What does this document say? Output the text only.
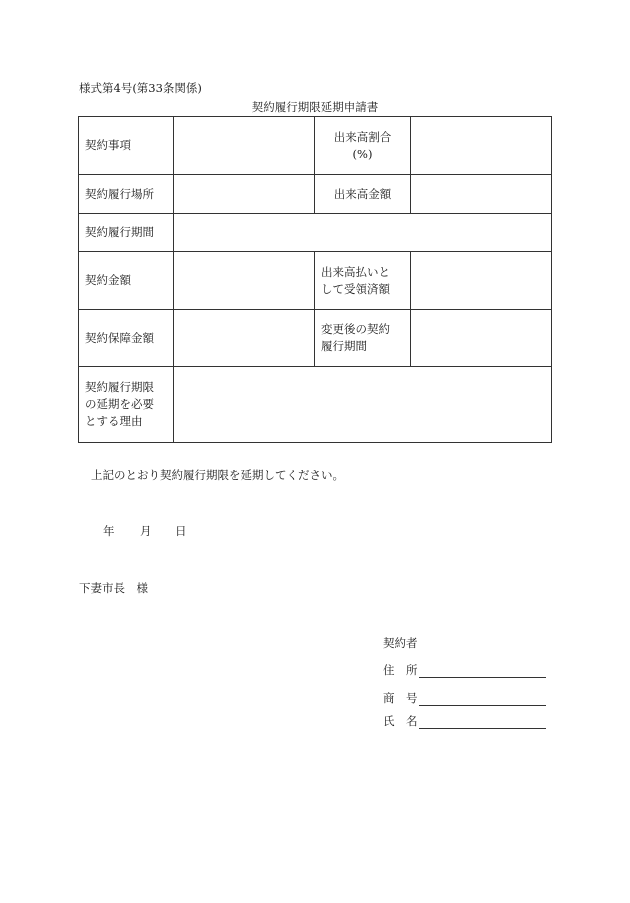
様式第4号(第33条関係)
契約履行期限延期申請書
契約事項		出来高割合
(%)	

契約履行場所		出来高金額	

契約履行期間			
契約金額		出来高払いと
して受領済額	

契約保障金額		変更後の契約
履行期間	

契約履行期限
の延期を必要
とする理由			

上記のとおり契約履行期限を延期してください。
年 月 日
下妻市長　様
契約者
住　所
商　号
氏　名
